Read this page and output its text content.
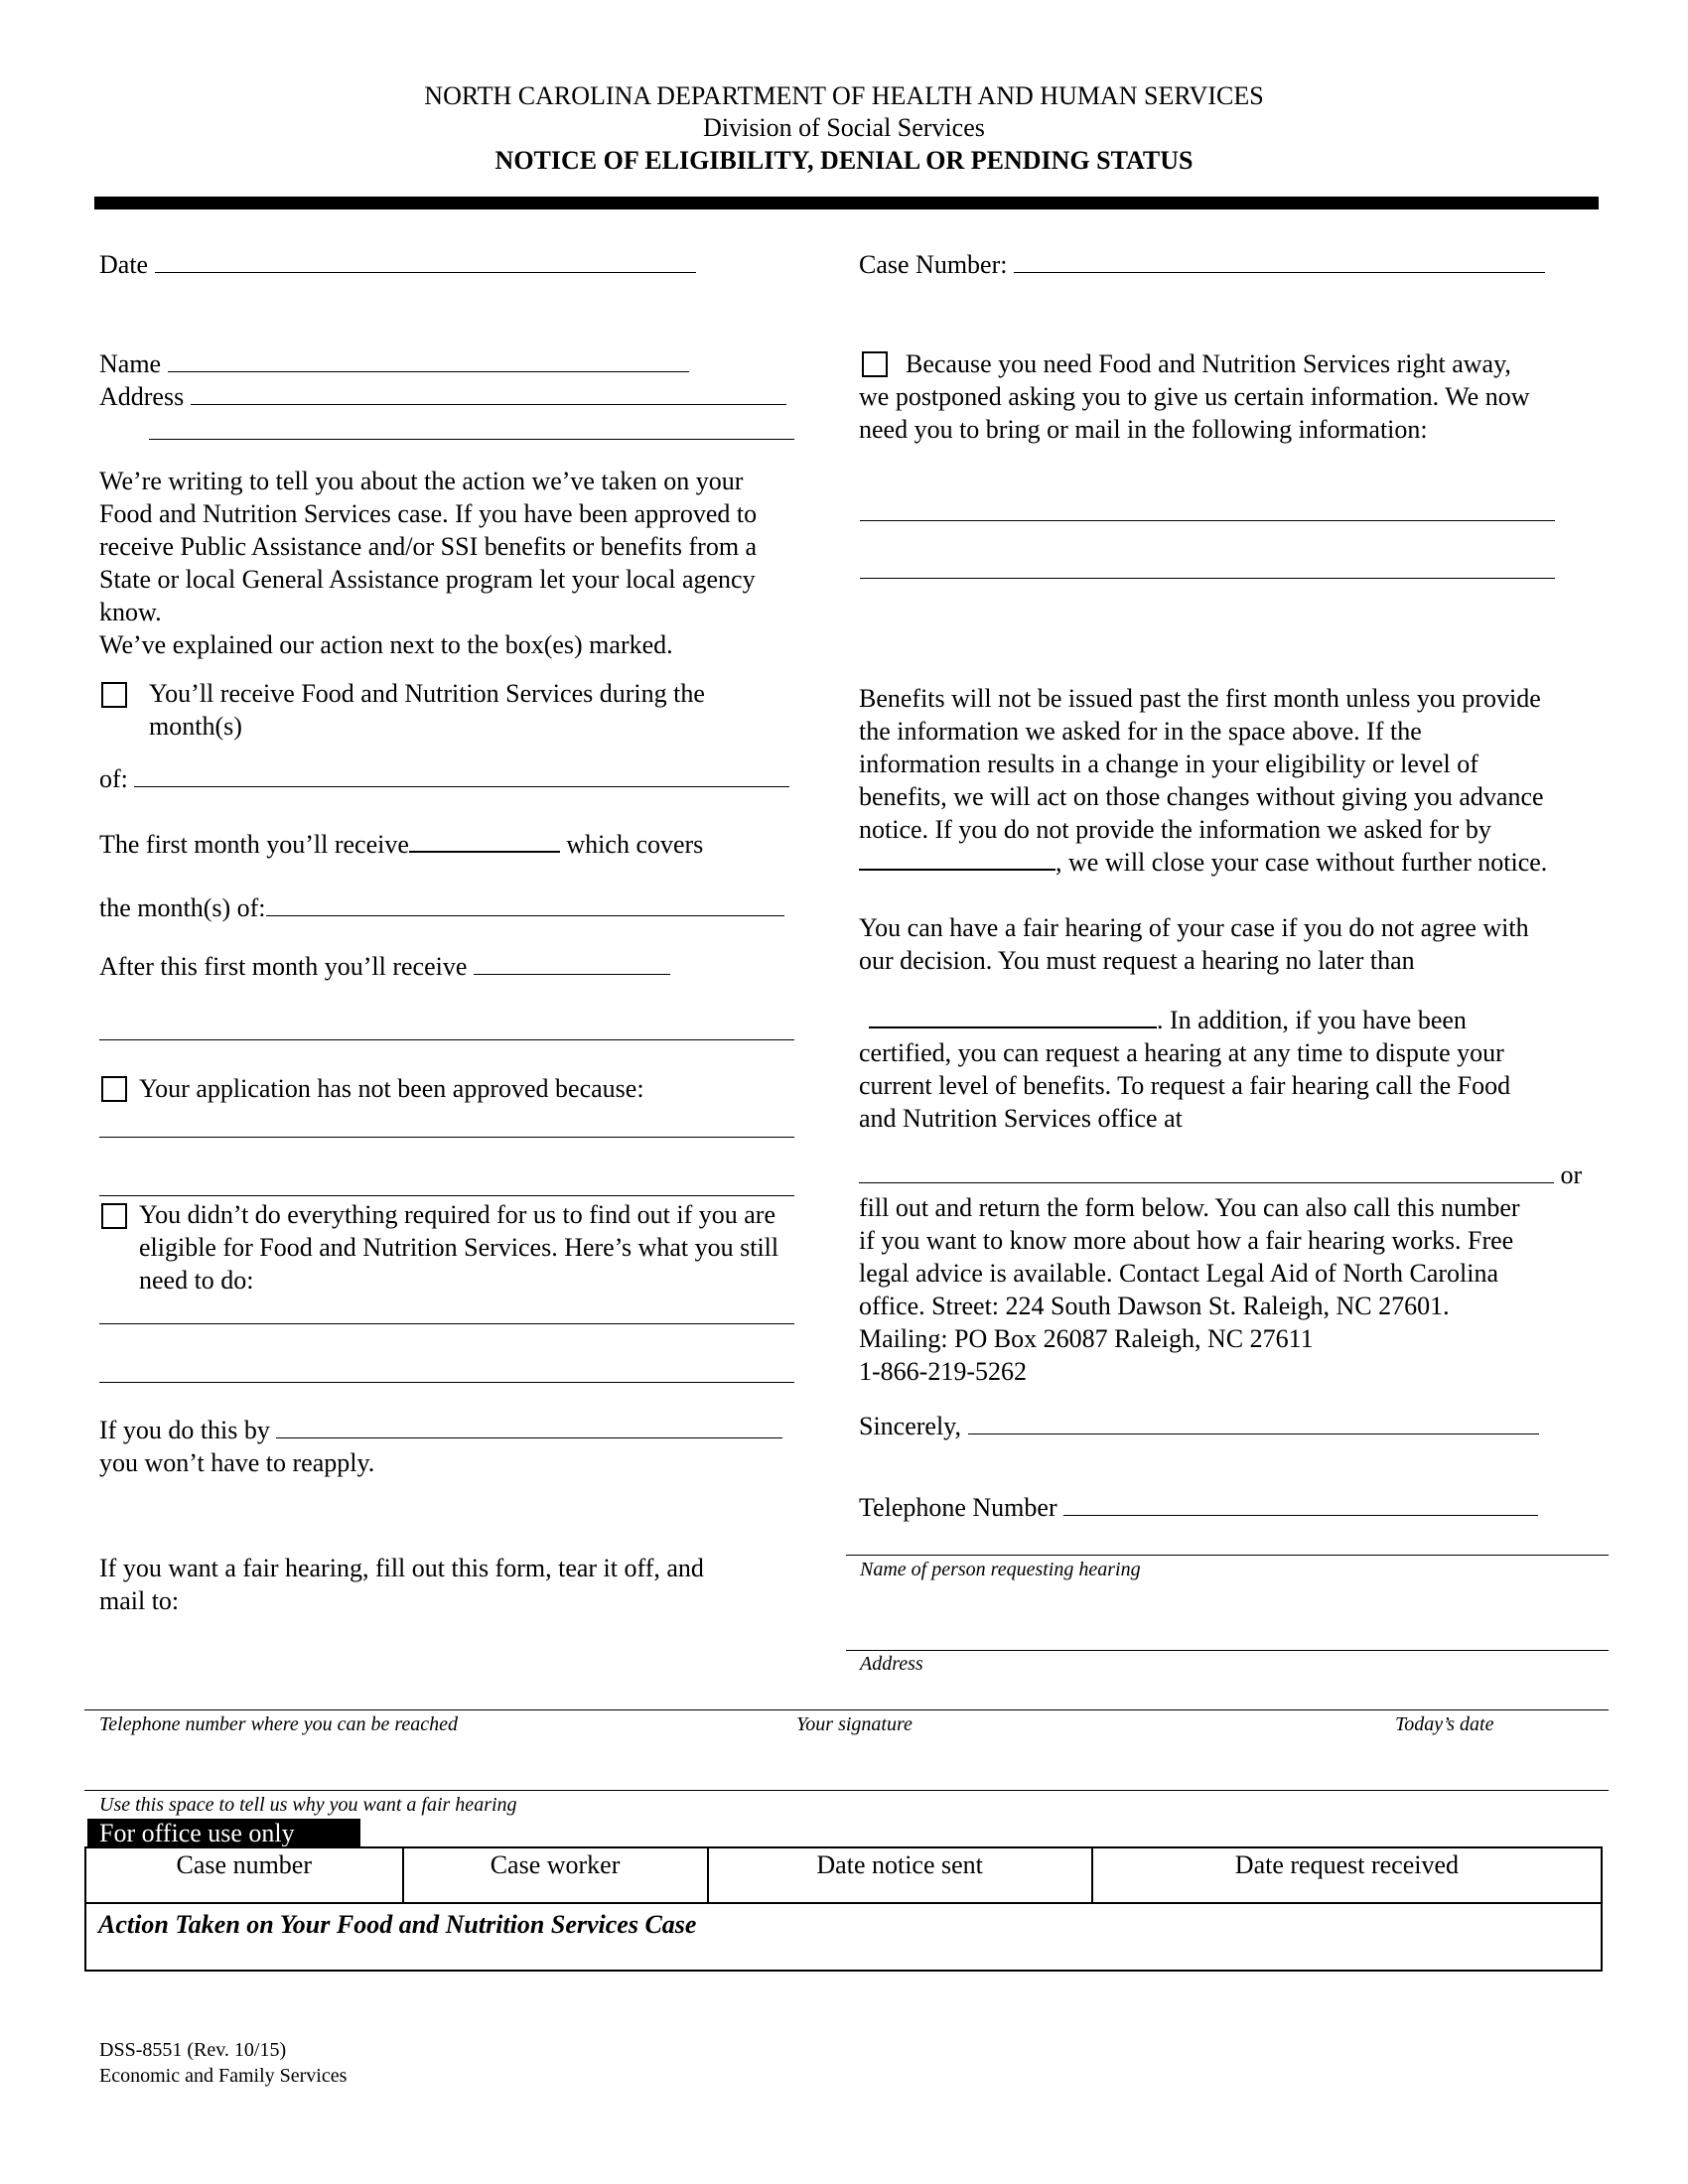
NORTH CAROLINA DEPARTMENT OF HEALTH AND HUMAN SERVICES
Division of Social Services
NOTICE OF ELIGIBILITY, DENIAL OR PENDING STATUS
Date
Name
Address
We’re writing to tell you about the action we’ve taken on your
Food and Nutrition Services case. If you have been approved to
receive Public Assistance and/or SSI benefits or benefits from a
State or local General Assistance program let your local agency
know.
We’ve explained our action next to the box(es) marked.
You’ll receive Food and Nutrition Services during the
month(s)
of:
The first month you’ll receive	which covers
the month(s) of:
After this first month you’ll receive
Your application has not been approved because:
You didn’t do everything required for us to find out if you are
eligible for Food and Nutrition Services. Here’s what you still
need to do:
If you do this by
you won’t have to reapply.
If you want a fair hearing, fill out this form, tear it off, and
mail to:
Case Number:
Because you need Food and Nutrition Services right away,
we postponed asking you to give us certain information. We now
need you to bring or mail in the following information:
Benefits will not be issued past the first month unless you provide
the information we asked for in the space above. If the
information results in a change in your eligibility or level of
benefits, we will act on those changes without giving you advance
notice. If you do not provide the information we asked for by
, we will close your case without further notice.
You can have a fair hearing of your case if you do not agree with
our decision. You must request a hearing no later than
. In addition, if you have been
certified, you can request a hearing at any time to dispute your
current level of benefits. To request a fair hearing call the Food
and Nutrition Services office at
or
fill out and return the form below. You can also call this number
if you want to know more about how a fair hearing works. Free
legal advice is available. Contact Legal Aid of North Carolina
office. Street: 224 South Dawson St. Raleigh, NC 27601.
Mailing: PO Box 26087 Raleigh, NC 27611
1-866-219-5262
Sincerely,
Telephone Number
Name of person requesting hearing
Address
Telephone number where you can be reached	Your signature	Today’s date
Use this space to tell us why you want a fair hearing
For office use only
Case number	Case worker	Date notice sent	Date request received
Action Taken on Your Food and Nutrition Services Case
DSS-8551 (Rev. 10/15)
Economic and Family Services
